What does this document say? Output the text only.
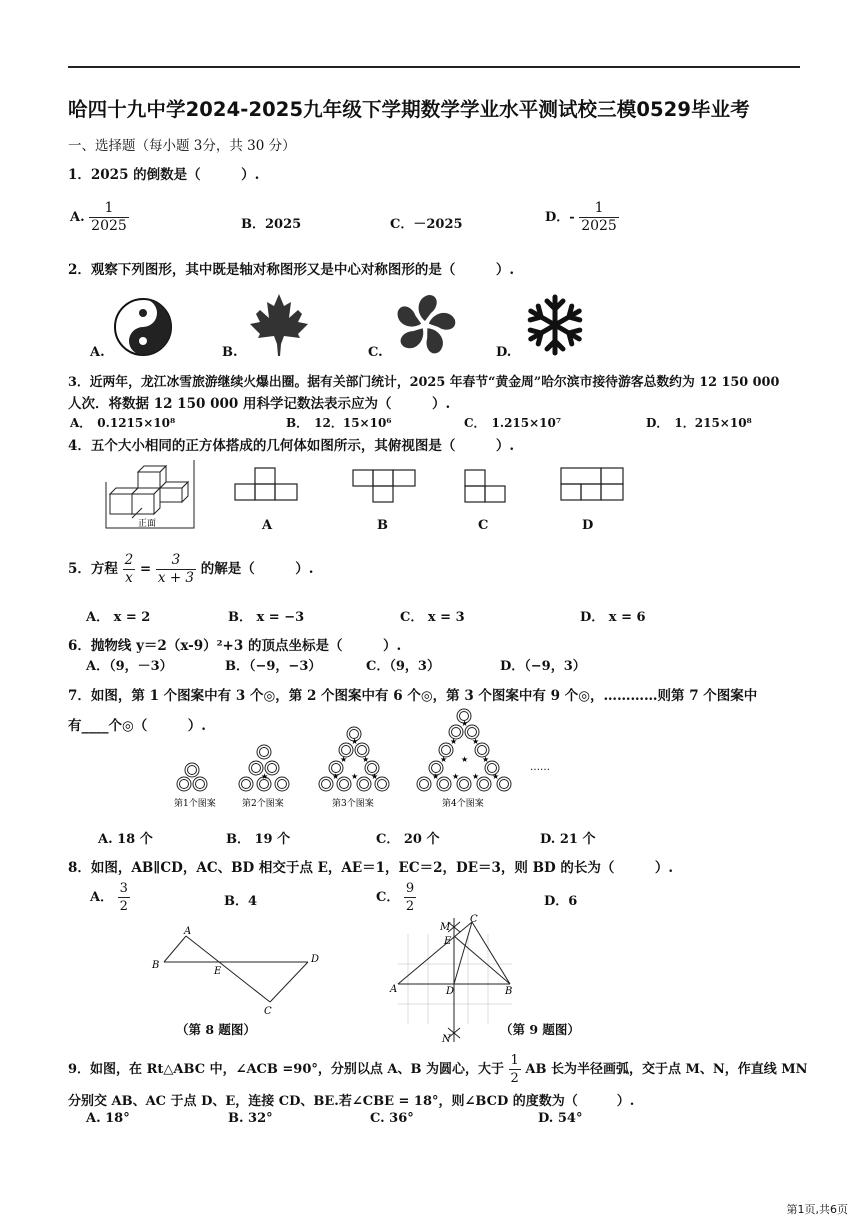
哈四十九中学2024-2025九年级下学期数学学业水平测试校三模0529毕业考
一、选择题（每小题 3分，共 30 分）
1．2025 的倒数是（　　　）.
A. $\frac{1}{2025}$	B．2025	C．－2025	D．- $\frac{1}{2025}$
2．观察下列图形，其中既是轴对称图形又是中心对称图形的是（　　　）.
A.	B.	C.	D.
3．近两年，龙江冰雪旅游继续火爆出圈。据有关部门统计，2025 年春节“黄金周”哈尔滨市接待游客总数约为 12 150 000
人次．将数据 12 150 000 用科学记数法表示应为（　　　）.
A．　0.1215×10⁸	B．　12．15×10⁶	C．　1.215×10⁷	D．　1．215×10⁸
4．五个大小相同的正方体搭成的几何体如图所示，其俯视图是（　　　）.
正面	A	B	C	D
5．方程 $\frac{2}{x} = \frac{3}{x + 3}$ 的解是（　　　）.
A． x = 2	B． x = −3	C． x = 3	D． x = 6
6．抛物线 y＝2（x-9）²+3 的顶点坐标是（　　　）.
A．（9，－3）	B．（−9，−3）	C．（9，3）	D．（−9，3）
7．如图，第 1 个图案中有 3 个◎，第 2 个图案中有 6 个◎，第 3 个图案中有 9 个◎，…………则第 7 个图案中
有____个◎（　　　）.
★
★
★ ★
★ ★ ★
★
★ ★
★ ★ ★
★ ★ ★ ★
第1个图案	第2个图案	第3个图案	第4个图案
……
A. 18 个	B． 19 个	C． 20 个	D. 21 个
8．如图，AB∥CD，AC、BD 相交于点 E，AE＝1，EC＝2，DE＝3，则 BD 的长为（　　　）.
A． $\frac{3}{2}$	B．4	C． $\frac{9}{2}$	D．6
A
B
E
D
C
（第 8 题图）
A	B
C
D
E
M
N
（第 9 题图）
9．如图，在 Rt△ABC 中，∠ACB =90°，分别以点 A、B 为圆心，大于 $\frac{1}{2}$ AB 长为半径画弧，交于点 M、N，作直线 MN
分别交 AB、AC 于点 D、E，连接 CD、BE.若∠CBE = 18°，则∠BCD 的度数为（　　　）.
A. 18°	B. 32°	C. 36°	D. 54°
第1页,共6页
